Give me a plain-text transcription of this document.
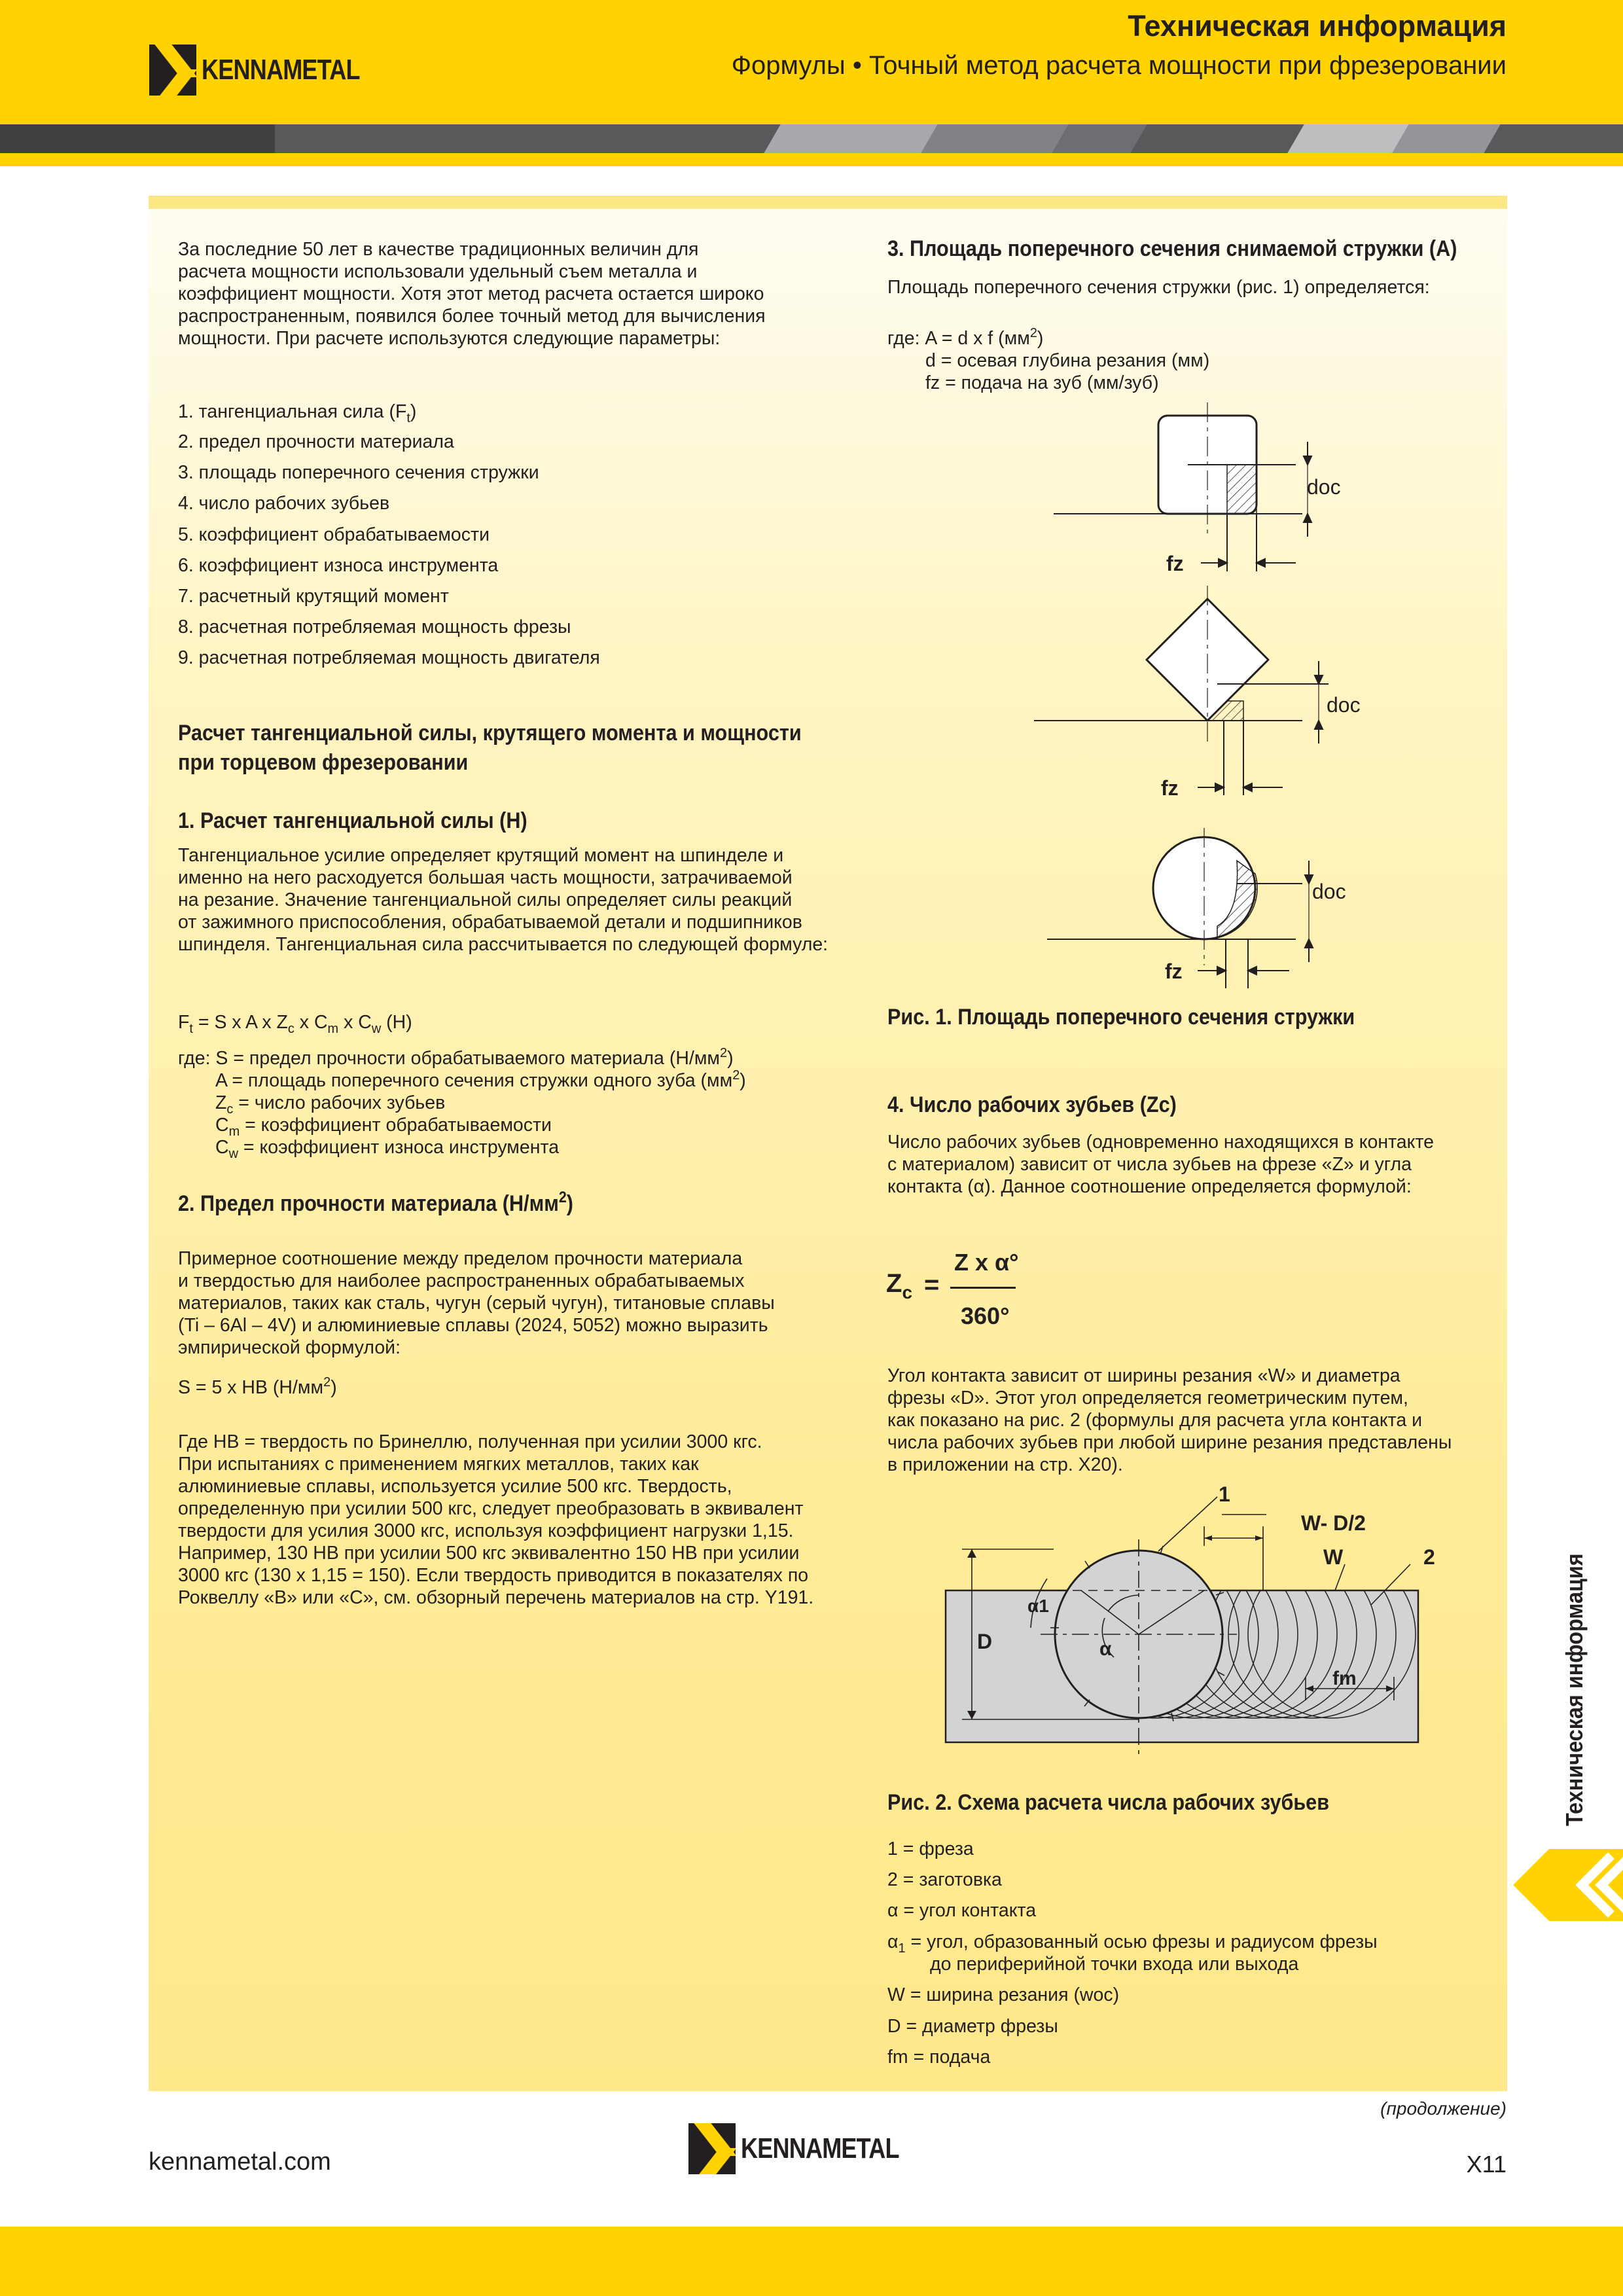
KENNAMETAL
Техническая информация
Формулы • Точный метод расчета мощности при фрезеровании
За последние 50 лет в качестве традиционных величин для
расчета мощности использовали удельный съем металла и
коэффициент мощности. Хотя этот метод расчета остается широко
распространенным, появился более точный метод для вычисления
мощности. При расчете используются следующие параметры:
1. тангенциальная сила $(F_t)$
2. предел прочности материала
3. площадь поперечного сечения стружки
4. число рабочих зубьев
5. коэффициент обрабатываемости
6. коэффициент износа инструмента
7. расчетный крутящий момент
8. расчетная потребляемая мощность фрезы
9. расчетная потребляемая мощность двигателя
Расчет тангенциальной силы, крутящего момента и мощности
при торцевом фрезеровании
1. Расчет тангенциальной силы (Н)
Тангенциальное усилие определяет крутящий момент на шпинделе и
именно на него расходуется большая часть мощности, затрачиваемой
на резание. Значение тангенциальной силы определяет силы реакций
от зажимного приспособления, обрабатываемой детали и подшипников
шпинделя. Тангенциальная сила рассчитывается по следующей формуле:
$F_t = S$ x A x $Z_c$ x $C_m$ x $C_w$ (Н)
где: S = предел прочности обрабатываемого материала $(Н/мм^2)$
A = площадь поперечного сечения стружки одного зуба $(мм^2)$
$Z_c$ = число рабочих зубьев
$C_m$ = коэффициент обрабатываемости
$C_w$ = коэффициент износа инструмента
2. Предел прочности материала $(Н/мм^2)$
Примерное соотношение между пределом прочности материала
и твердостью для наиболее распространенных обрабатываемых
материалов, таких как сталь, чугун (серый чугун), титановые сплавы
(Ti – 6Al – 4V) и алюминиевые сплавы (2024, 5052) можно выразить
эмпирической формулой:
S = 5 x HB $(Н/мм^2)$
Где HB = твердость по Бринеллю, полученная при усилии 3000 кгс.
При испытаниях с применением мягких металлов, таких как
алюминиевые сплавы, используется усилие 500 кгс. Твердость,
определенную при усилии 500 кгс, следует преобразовать в эквивалент
твердости для усилия 3000 кгс, используя коэффициент нагрузки 1,15.
Например, 130 HB при усилии 500 кгс эквивалентно 150 HB при усилии
3000 кгс (130 x 1,15 = 150). Если твердость приводится в показателях по
Роквеллу «B» или «C», см. обзорный перечень материалов на стр. Y191.
3. Площадь поперечного сечения снимаемой стружки (A)
Площадь поперечного сечения стружки (рис. 1) определяется:
где: A = d x f $(мм^2)$
d = осевая глубина резания (мм)
fz = подача на зуб (мм/зуб)
doc
fz
doc
fz
doc
fz
Рис. 1. Площадь поперечного сечения стружки
4. Число рабочих зубьев (Zc)
Число рабочих зубьев (одновременно находящихся в контакте
с материалом) зависит от числа зубьев на фрезе «Z» и угла
контакта (α). Данное соотношение определяется формулой:
$Z_c$ =
Z x α°
360°
Угол контакта зависит от ширины резания «W» и диаметра
фрезы «D». Этот угол определяется геометрическим путем,
как показано на рис. 2 (формулы для расчета угла контакта и
числа рабочих зубьев при любой ширине резания представлены
в приложении на стр. X20).
1
W- D/2
W	2
D
fm
α
α1
Рис. 2. Схема расчета числа рабочих зубьев
1 = фреза
2 = заготовка
α = угол контакта
$\alpha_1$ = угол, образованный осью фрезы и радиусом фрезы
до периферийной точки входа или выхода
W = ширина резания (woc)
D = диаметр фрезы
fm = подача
Техническая информация
(продолжение)
kennametal.com	KENNAMETAL	X11
